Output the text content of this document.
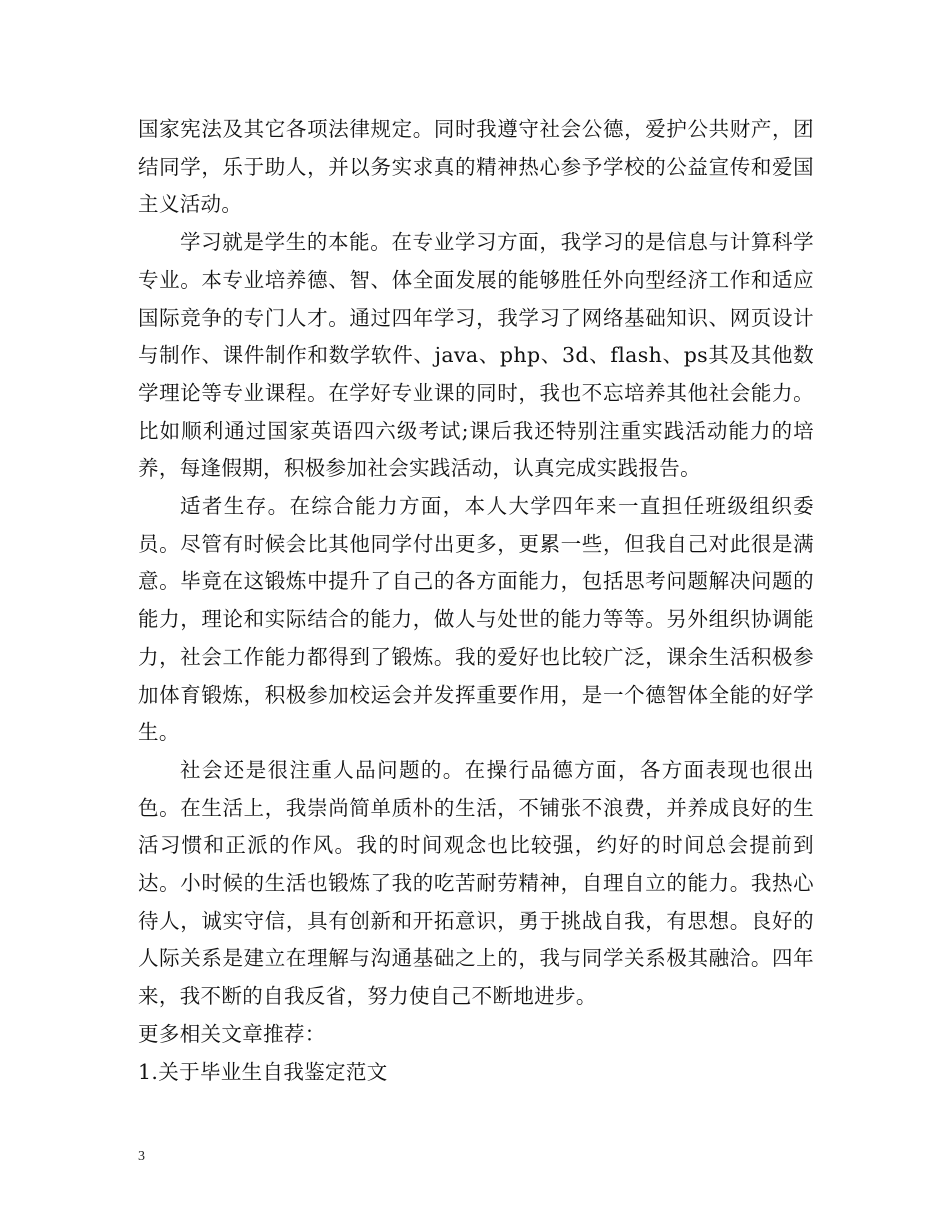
国家宪法及其它各项法律规定。同时我遵守社会公德，爱护公共财产，团结同学，乐于助人，并以务实求真的精神热心参予学校的公益宣传和爱国主义活动。

学习就是学生的本能。在专业学习方面，我学习的是信息与计算科学专业。本专业培养德、智、体全面发展的能够胜任外向型经济工作和适应国际竞争的专门人才。通过四年学习，我学习了网络基础知识、网页设计与制作、课件制作和数学软件、java、php、3d、flash、ps其及其他数学理论等专业课程。在学好专业课的同时，我也不忘培养其他社会能力。比如顺利通过国家英语四六级考试;课后我还特别注重实践活动能力的培养，每逢假期，积极参加社会实践活动，认真完成实践报告。

适者生存。在综合能力方面，本人大学四年来一直担任班级组织委员。尽管有时候会比其他同学付出更多，更累一些，但我自己对此很是满意。毕竟在这锻炼中提升了自己的各方面能力，包括思考问题解决问题的能力，理论和实际结合的能力，做人与处世的能力等等。另外组织协调能力，社会工作能力都得到了锻炼。我的爱好也比较广泛，课余生活积极参加体育锻炼，积极参加校运会并发挥重要作用，是一个德智体全能的好学生。

社会还是很注重人品问题的。在操行品德方面，各方面表现也很出色。在生活上，我崇尚简单质朴的生活，不铺张不浪费，并养成良好的生活习惯和正派的作风。我的时间观念也比较强，约好的时间总会提前到达。小时候的生活也锻炼了我的吃苦耐劳精神，自理自立的能力。我热心待人，诚实守信，具有创新和开拓意识，勇于挑战自我，有思想。良好的人际关系是建立在理解与沟通基础之上的，我与同学关系极其融洽。四年来，我不断的自我反省，努力使自己不断地进步。

更多相关文章推荐：

1.关于毕业生自我鉴定范文

3
